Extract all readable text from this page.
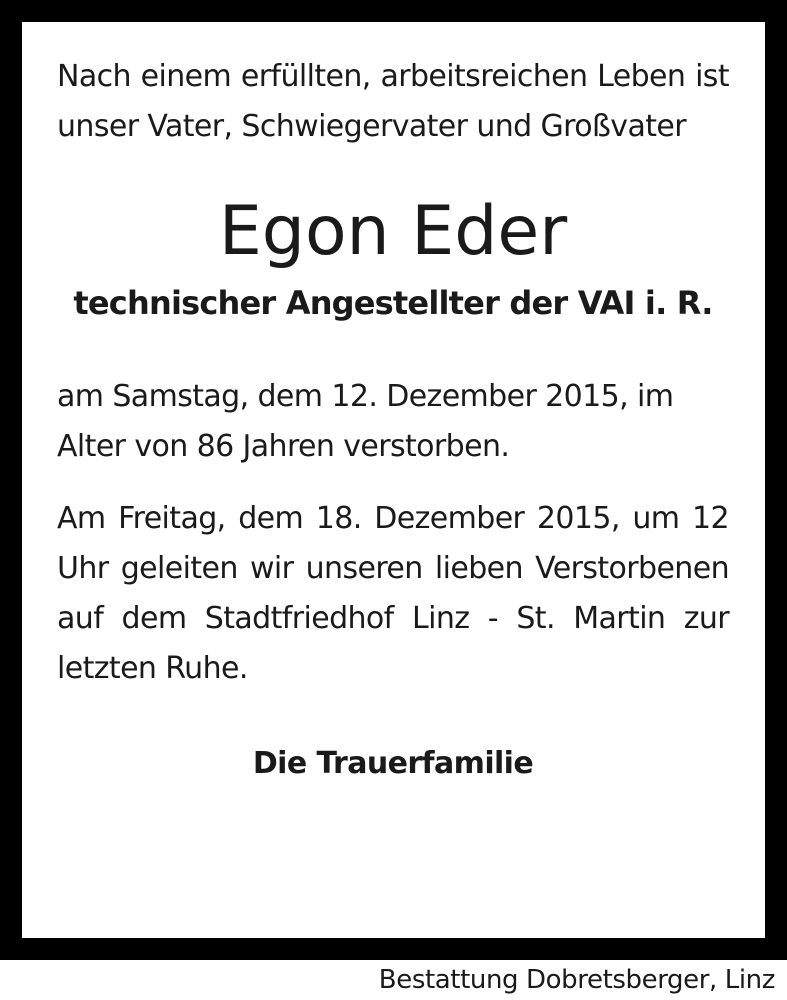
Nach einem erfüllten, arbeitsreichen Leben ist unser Vater, Schwiegervater und Großvater

Egon Eder
technischer Angestellter der VAI i. R.

am Samstag, dem 12. Dezember 2015, im Alter von 86 Jahren verstorben.

Am Freitag, dem 18. Dezember 2015, um 12 Uhr geleiten wir unseren lieben Verstorbenen auf dem Stadtfriedhof Linz - St. Martin zur letzten Ruhe.

Die Trauerfamilie
Bestattung Dobretsberger, Linz
